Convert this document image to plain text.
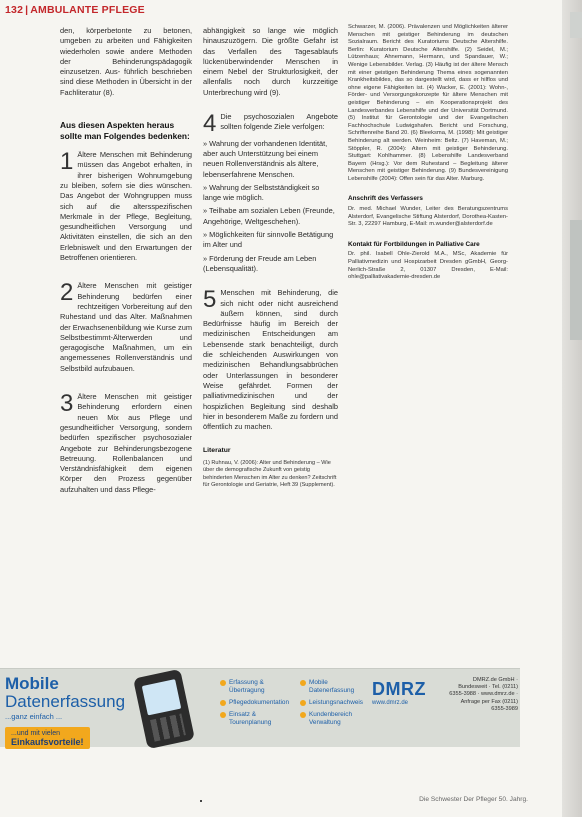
132 | AMBULANTE PFLEGE

den, körperbetonte zu betonen, umgeben zu arbeiten und Fähigkeiten wiederholen sowie andere Methoden der Behinderungspädagogik einzusetzen. Aus- führlich beschrieben sind diese Methoden in Übersicht in der Fachliteratur (8).

Aus diesen Aspekten heraus sollte man Folgendes bedenken:

1 Ältere Menschen mit Behinderung müssen das Angebot erhalten, in ihrer bisherigen Wohnumgebung zu bleiben, sofern sie dies wünschen. Das Angebot der Wohngruppen muss sich auf die altersspezifischen Merkmale in der Pflege, Begleitung, gesundheitlichen Versorgung und Aktivitäten einstellen, die sich an den Erlebniswelt und den Erwartungen der Betroffenen orientieren.

2 Ältere Menschen mit geistiger Behinderung bedürfen einer rechtzeitigen Vorbereitung auf den Ruhestand und das Alter. Maßnahmen der Erwachsenenbildung wie Kurse zum Selbstbestimmt-Älterwerden und geragogische Maßnahmen, um ein angemessenes Rollenverständnis und Selbstbild aufzubauen.

3 Ältere Menschen mit geistiger Behinderung erfordern einen neuen Mix aus Pflege und gesundheitlicher Versorgung, sondern bedürfen spezifischer psychosozialer Angebote zur Behinderungsbezogene Betreuung. Rollenbalancen und Verständnisfähigkeit dem eigenen Körper den Prozess gegenüber aufzuhalten und dass Pflege-

abhängigkeit so lange wie möglich hinauszuzögern. Die größte Gefahr ist das Verfallen des Tagesablaufs lückenüberwindender Menschen in einem Nebel der Strukturlosigkeit, der allenfalls noch durch kurzzeitige Unterbrechung wird (9).

4 Die psychosozialen Angebote sollten folgende Ziele verfolgen:

» Wahrung der vorhandenen Identität, aber auch Unterstützung bei einem neuen Rollenverständnis als ältere, lebenserfahrene Menschen.
» Wahrung der Selbstständigkeit so lange wie möglich.
» Teilhabe am sozialen Leben (Freunde, Angehörige, Weltgeschehen).
» Möglichkeiten für sinnvolle Betätigung im Alter und
» Förderung der Freude am Leben (Lebensqualität).

5 Menschen mit Behinderung, die sich nicht oder nicht ausreichend äußern können, sind durch Bedürfnisse häufig im Bereich der medizinischen Entscheidungen am Lebensende stark benachteiligt, durch die schleichenden Auswirkungen von medizinischen Behandlungsabbrüchen oder Unterlassungen in besonderer Weise gefährdet. Formen der palliativmedizinischen und der hospizlichen Begleitung sind deshalb hier in besonderem Maße zu fordern und öffentlich zu machen.

Literatur
(1) Ruhnau, V. (2006): Alter und Behinderung – Wie über die demografische Zukunft von geistig behinderten Menschen im Alter zu denken? Zeitschrift für Gerontologie und Geriatrie, Heft 39 (Supplement).

Schwarzer, M. (2006). Prävalenzen und Möglichkeiten älterer Menschen mit geistiger Behinderung im deutschen Sozialraum. Bericht des Kuratoriums Deutsche Altershilfe. Berlin: Kuratorium Deutsche Altershilfe. (2) Seidel, M.; Lützenhaus; Ahnemann, Hermann, und Spandauer, W.; Wenige Lebensbilder. Verlag. (3) Häufig ist der ältere Mensch mit einer geistigen Behinderung Thema eines sogenannten Krankheitsbildes, das so dargestellt wird, dass er hilflos und ohne eigene Fähigkeiten ist. (4) Wacker, E. (2001): Wohn-, Förder- und Versorgungskonzepte für ältere Menschen mit geistiger Behinderung – ein Kooperationsprojekt des Landesverbandes Lebenshilfe und der Universität Dortmund. (5) Institut für Gerontologie und der Evangelischen Fachhochschule Ludwigshafen. Bericht und Forschung, Schriftenreihe Band 20. (6) Bleeksma, M. (1998): Mit geistiger Behinderung alt werden. Weinheim: Beltz. (7) Haveman, M.; Stöppler, R. (2004): Altern mit geistiger Behinderung. Stuttgart: Kohlhammer. (8) Lebenshilfe Landesverband Bayern (Hrsg.): Vor dem Ruhestand – Begleitung älterer Menschen mit geistiger Behinderung. (9) Bundesvereinigung Lebenshilfe (2004): Offen sein für das Alter. Marburg.

Anschrift des Verfassers

Dr. med. Michael Wunder, Leiter des Beratungszentrums Alsterdorf, Evangelische Stiftung Alsterdorf, Dorothea-Kasten-Str. 3, 22297 Hamburg, E-Mail: m.wunder@alsterdorf.de

Kontakt für Fortbildungen in Palliative Care

Dr. phil. Isabell Ohle-Zierold M.A., MSc, Akademie für Palliativmedizin und Hospizarbeit Dresden gGmbH, Georg-Nerlich-Straße 2, 01307 Dresden, E-Mail: ohle@palliativakademie-dresden.de

Mobile
Datenerfassung
...ganz einfach ...
...und mit vielen
Einkaufsvorteile!
Erfassung & Übertragung
Pflegedokumentation
Einsatz & Tourenplanung
Mobile Datenerfassung
Leistungsnachweis
Kundenbereich Verwaltung
DMRZ
www.dmrz.de
DMRZ.de GmbH · Bundesweit · Tel. (0211) 6355-3988 · www.dmrz.de · Anfrage per Fax (0211) 6355-3989
Die Schwester Der Pfleger 50. Jahrg.
